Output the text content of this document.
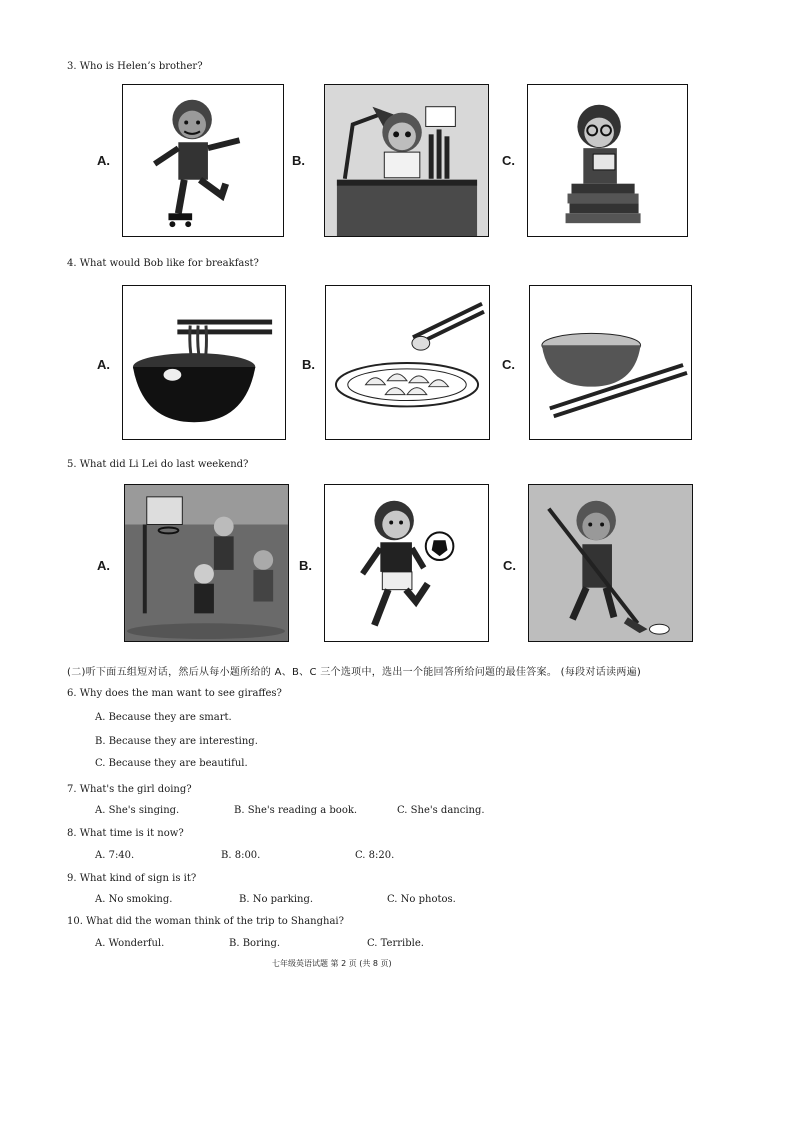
3. Who is Helen’s brother?
A.	B.	C.
4. What would Bob like for breakfast?
A.	B.	C.
5. What did Li Lei do last weekend?
A.	B.	C.
(二)听下面五组短对话，然后从每小题所给的 A、B、C 三个选项中，选出一个能回答所给问题的最佳答案。 (每段对话读两遍)
6. Why does the man want to see giraffes?
A. Because they are smart.
B. Because they are interesting.
C. Because they are beautiful.
7. What's the girl doing?
A. She's singing.	B. She's reading a book.	C. She's dancing.
8. What time is it now?
A. 7:40.	B. 8:00.	C. 8:20.
9. What kind of sign is it?
A. No smoking.	B. No parking.	C. No photos.
10. What did the woman think of the trip to Shanghai?
A. Wonderful.	B. Boring.	C. Terrible.
七年级英语试题 第 2 页 (共 8 页)
